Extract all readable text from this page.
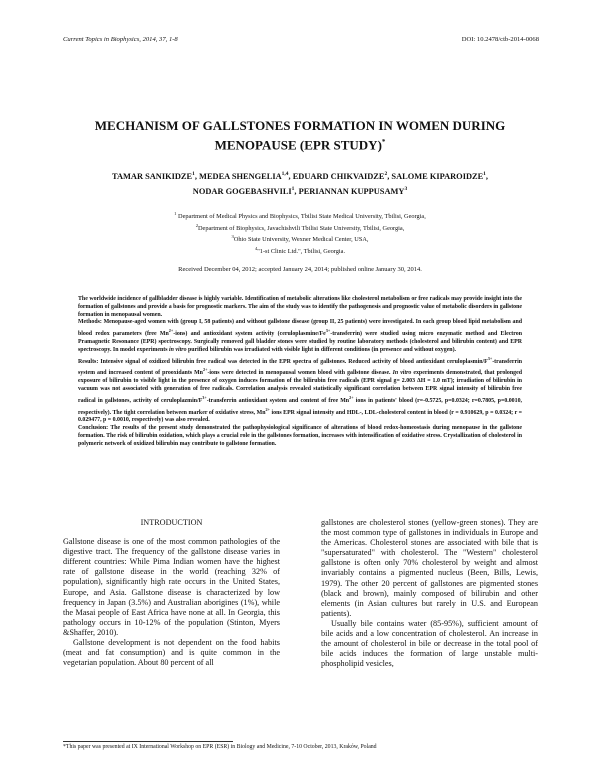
Current Topics in Biophysics, 2014, 37, 1-8	DOI: 10.2478/ctb-2014-0068
MECHANISM OF GALLSTONES FORMATION IN WOMEN DURING MENOPAUSE (EPR STUDY)*
TAMAR SANIKIDZE$^1$, MEDEA SHENGELIA$^{1,4}$, EDUARD CHIKVAIDZE$^2$, SALOME KIPAROIDZE$^1$,
NODAR GOGEBASHVILI$^1$, PERIANNAN KUPPUSAMY$^3$
$^1$ Department of Medical Physics and Biophysics, Tbilisi State Medical University, Tbilisi, Georgia,
$^2$Department of Biophysics, Javachishvili Tbilisi State University, Tbilisi, Georgia,
$^3$Ohio State University, Wexner Medical Center, USA,
$^4$"1-st Clinic Ltd.", Tbilisi, Georgia.
Received December 04, 2012; accepted January 24, 2014; published online January 30, 2014.

The worldwide incidence of gallbladder disease is highly variable. Identification of metabolic alterations like cholesterol metabolism or free radicals may provide insight into the formation of gallstones and provide a basis for prognostic markers. The aim of the study was to identify the pathogenesis and prognostic value of metabolic disorders in gallstone formation in menopausal women.

Methods: Menopause-aged women with (group I, 58 patients) and without gallstone disease (group II, 25 patients) were investigated. In each group blood lipid metabolism and blood redox parameters (free $Mn^{2+}-ions$) and antioxidant system activity $(ceruloplasmine/Fe^{3+}-transferrin)$ were studied using micro enzymatic method and Electron Pramagnetic Resonance (EPR) spectroscopy. Surgically removed gall bladder stones were studied by routine laboratory methods (cholesterol and bilirubin content) and EPR spectroscopy. In model experiments in vitro purified bilirubin was irradiated with visible light in different conditions (in presence and without oxygen).

Results: Intensive signal of oxidized bilirubin free radical was detected in the EPR spectra of gallstones. Reduced activity of blood antioxidant ceruloplasmin/$F^{3+}$-transferrin system and increased content of prooxidants $Mn^{2+}$-ions were detected in menopausal women blood with gallstone disease. In vitro experiments demonstrated, that prolonged exposure of bilirubin to visible light in the presence of oxygen induces formation of the bilirubin free radicals (EPR signal g= 2.003 ΔH = 1.0 mT); irradiation of bilirubin in vacuum was not associated with generation of free radicals. Correlation analysis revealed statistically significant correlation between EPR signal intensity of bilirubin free radical in gallstones, activity of ceruloplazmin/$F^{3+}$-transferrin antioxidant system and content of free $Mn^{2+}$ ions in patients' blood (r=-0.5725, p=0.0324; r=0.7805, p=0.0010, respectively). The tight correlation between marker of oxidative stress, $Mn^{2+}$ ions EPR signal intensity and HDL-, LDL-cholesterol content in blood (r = 0.910629, p = 0.0324; r = 0.029477, p = 0.0010, respectively) was also revealed.

Conclusion: The results of the present study demonstrated the pathophysiological significance of alterations of blood redox-homeostasis during menopause in the gallstone formation. The risk of bilirubin oxidation, which plays a crucial role in the gallstones formation, increases with intensification of oxidative stress. Crystallization of cholesterol in polymeric network of oxidized bilirubin may contribute to gallstone formation.

INTRODUCTION

Gallstone disease is one of the most common pathologies of the digestive tract. The frequency of the gallstone disease varies in different countries: While Pima Indian women have the highest rate of gallstone disease in the world (reaching 32% of population), significantly high rate occurs in the United States, Europe, and Asia. Gallstone disease is characterized by low frequency in Japan (3.5%) and Australian aborigines (1%), while the Masai people of East Africa have none at all. In Georgia, this pathology occurs in 10-12% of the population (Stinton, Myers &Shaffer, 2010).

Gallstone development is not dependent on the food habits (meat and fat consumption) and is quite common in the vegetarian population. About 80 percent of all

gallstones are cholesterol stones (yellow-green stones). They are the most common type of gallstones in individuals in Europe and the Americas. Cholesterol stones are associated with bile that is "supersaturated" with cholesterol. The "Western" cholesterol gallstone is often only 70% cholesterol by weight and almost invariably contains a pigmented nucleus (Been, Bills, Lewis, 1979). The other 20 percent of gallstones are pigmented stones (black and brown), mainly composed of bilirubin and other elements (in Asian cultures but rarely in U.S. and European patients).

Usually bile contains water (85-95%), sufficient amount of bile acids and a low concentration of cholesterol. An increase in the amount of cholesterol in bile or decrease in the total pool of bile acids induces the formation of large unstable multi-phospholipid vesicles,

*This paper was presented at IX International Workshop on EPR (ESR) in Biology and Medicine, 7-10 October, 2013, Kraków, Poland
